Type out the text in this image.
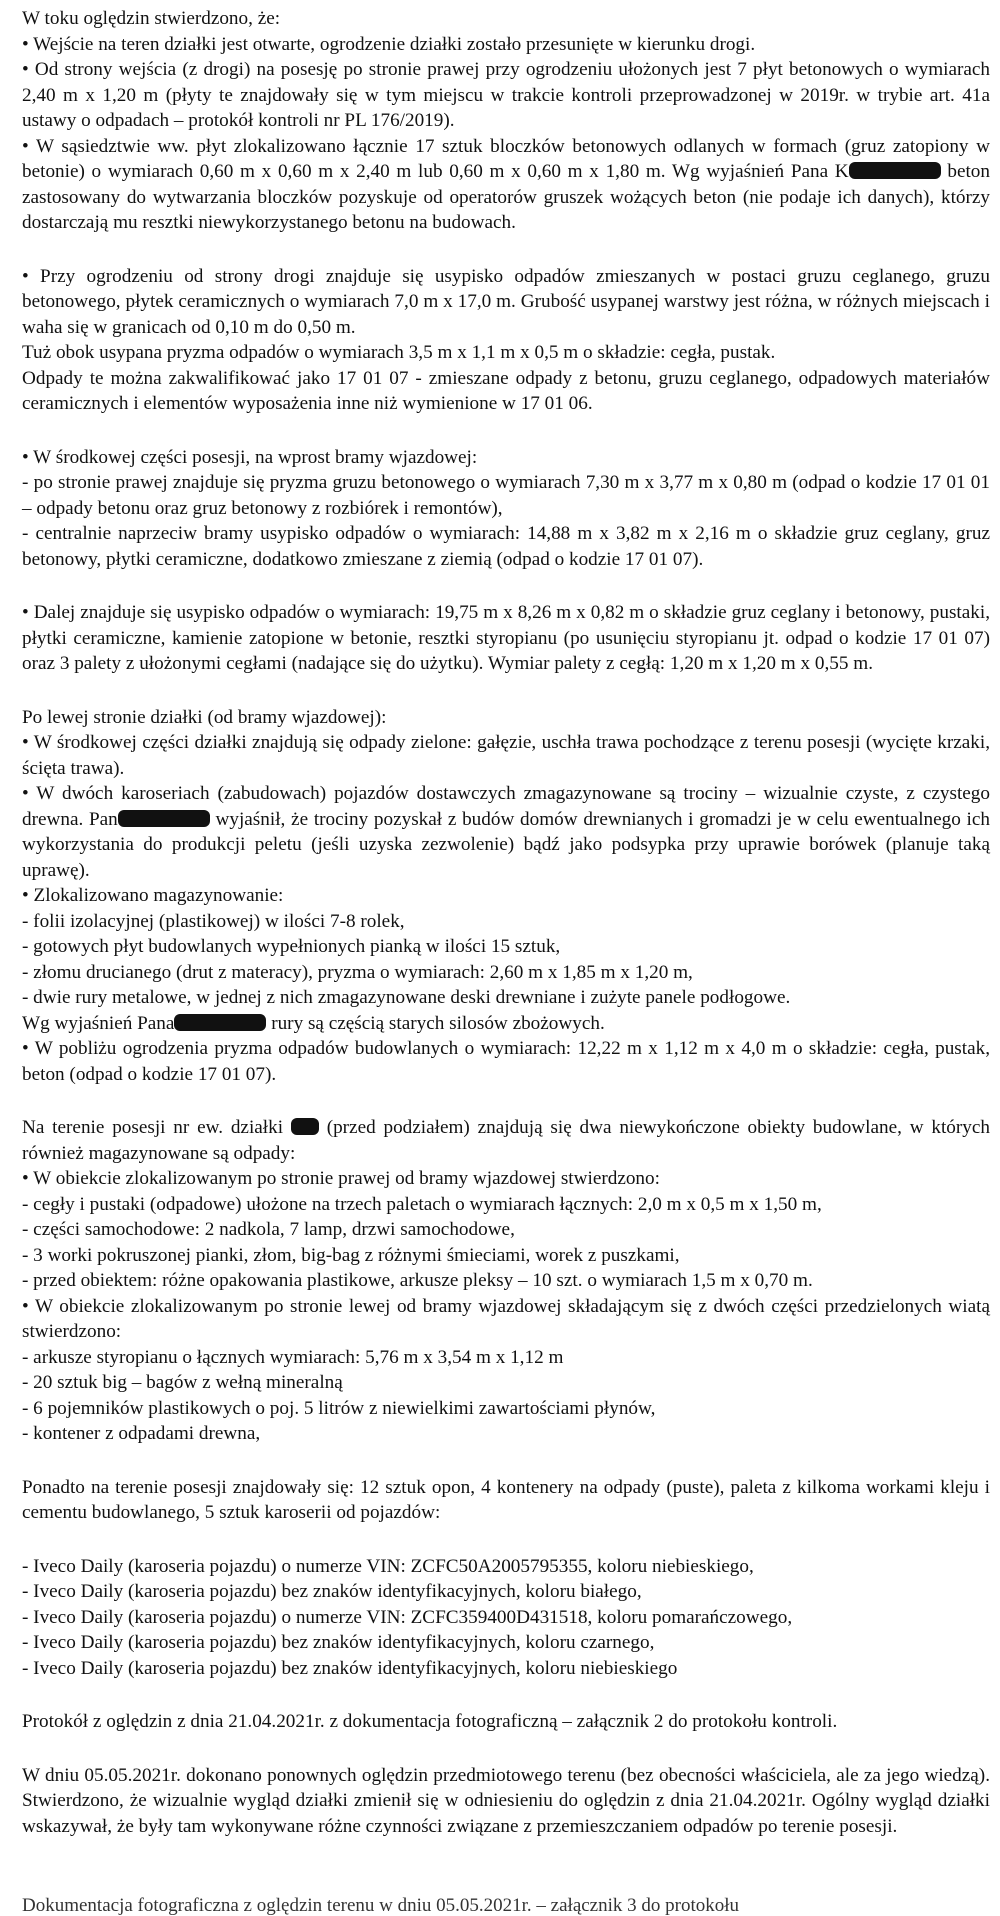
W toku oględzin stwierdzono, że:

• Wejście na teren działki jest otwarte, ogrodzenie działki zostało przesunięte w kierunku drogi.

• Od strony wejścia (z drogi) na posesję po stronie prawej przy ogrodzeniu ułożonych jest 7 płyt betonowych o wymiarach 2,40 m x 1,20 m (płyty te znajdowały się w tym miejscu w trakcie kontroli przeprowadzonej w 2019r. w trybie art. 41a ustawy o odpadach – protokół kontroli nr PL 176/2019).

• W sąsiedztwie ww. płyt zlokalizowano łącznie 17 sztuk bloczków betonowych odlanych w formach (gruz zatopiony w betonie) o wymiarach 0,60 m x 0,60 m x 2,40 m lub 0,60 m x 0,60 m x 1,80 m. Wg wyjaśnień Pana K	beton zastosowany do wytwarzania bloczków pozyskuje od operatorów gruszek wożących beton (nie podaje ich danych), którzy dostarczają mu resztki niewykorzystanego betonu na budowach.

• Przy ogrodzeniu od strony drogi znajduje się usypisko odpadów zmieszanych w postaci gruzu ceglanego, gruzu betonowego, płytek ceramicznych o wymiarach 7,0 m x 17,0 m. Grubość usypanej warstwy jest różna, w różnych miejscach i waha się w granicach od 0,10 m do 0,50 m.

Tuż obok usypana pryzma odpadów o wymiarach 3,5 m x 1,1 m x 0,5 m o składzie: cegła, pustak.

Odpady te można zakwalifikować jako 17 01 07 - zmieszane odpady z betonu, gruzu ceglanego, odpadowych materiałów ceramicznych i elementów wyposażenia inne niż wymienione w 17 01 06.

• W środkowej części posesji, na wprost bramy wjazdowej:

- po stronie prawej znajduje się pryzma gruzu betonowego o wymiarach 7,30 m x 3,77 m x 0,80 m (odpad o kodzie 17 01 01 – odpady betonu oraz gruz betonowy z rozbiórek i remontów),

- centralnie naprzeciw bramy usypisko odpadów o wymiarach: 14,88 m x 3,82 m x 2,16 m o składzie gruz ceglany, gruz betonowy, płytki ceramiczne, dodatkowo zmieszane z ziemią (odpad o kodzie 17 01 07).

• Dalej znajduje się usypisko odpadów o wymiarach: 19,75 m x 8,26 m x 0,82 m o składzie gruz ceglany i betonowy, pustaki, płytki ceramiczne, kamienie zatopione w betonie, resztki styropianu (po usunięciu styropianu jt. odpad o kodzie 17 01 07) oraz 3 palety z ułożonymi cegłami (nadające się do użytku). Wymiar palety z cegłą: 1,20 m x 1,20 m x 0,55 m.

Po lewej stronie działki (od bramy wjazdowej):

• W środkowej części działki znajdują się odpady zielone: gałęzie, uschła trawa pochodzące z terenu posesji (wycięte krzaki, ścięta trawa).

• W dwóch karoseriach (zabudowach) pojazdów dostawczych zmagazynowane są trociny – wizualnie czyste, z czystego drewna. Pan	wyjaśnił, że trociny pozyskał z budów domów drewnianych i gromadzi je w celu ewentualnego ich wykorzystania do produkcji peletu (jeśli uzyska zezwolenie) bądź jako podsypka przy uprawie borówek (planuje taką uprawę).

• Zlokalizowano magazynowanie:

- folii izolacyjnej (plastikowej) w ilości 7-8 rolek,

- gotowych płyt budowlanych wypełnionych pianką w ilości 15 sztuk,

- złomu drucianego (drut z materacy), pryzma o wymiarach: 2,60 m x 1,85 m x 1,20 m,

- dwie rury metalowe, w jednej z nich zmagazynowane deski drewniane i zużyte panele podłogowe.

Wg wyjaśnień Pana	rury są częścią starych silosów zbożowych.

• W pobliżu ogrodzenia pryzma odpadów budowlanych o wymiarach: 12,22 m x 1,12 m x 4,0 m o składzie: cegła, pustak, beton (odpad o kodzie 17 01 07).

Na terenie posesji nr ew. działki  (przed podziałem) znajdują się dwa niewykończone obiekty budowlane, w których również magazynowane są odpady:

• W obiekcie zlokalizowanym po stronie prawej od bramy wjazdowej stwierdzono:

- cegły i pustaki (odpadowe) ułożone na trzech paletach o wymiarach łącznych: 2,0 m x 0,5 m x 1,50 m,

- części samochodowe: 2 nadkola, 7 lamp, drzwi samochodowe,

- 3 worki pokruszonej pianki, złom, big-bag z różnymi śmieciami, worek z puszkami,

- przed obiektem: różne opakowania plastikowe, arkusze pleksy – 10 szt. o wymiarach 1,5 m x 0,70 m.

• W obiekcie zlokalizowanym po stronie lewej od bramy wjazdowej składającym się z dwóch części przedzielonych wiatą stwierdzono:

- arkusze styropianu o łącznych wymiarach: 5,76 m x 3,54 m x 1,12 m

- 20 sztuk big – bagów z wełną mineralną

- 6 pojemników plastikowych o poj. 5 litrów z niewielkimi zawartościami płynów,

- kontener z odpadami drewna,

Ponadto na terenie posesji znajdowały się: 12 sztuk opon, 4 kontenery na odpady (puste), paleta z kilkoma workami kleju i cementu budowlanego, 5 sztuk karoserii od pojazdów:

- Iveco Daily (karoseria pojazdu) o numerze VIN: ZCFC50A2005795355, koloru niebieskiego,

- Iveco Daily (karoseria pojazdu) bez znaków identyfikacyjnych, koloru białego,

- Iveco Daily (karoseria pojazdu) o numerze VIN: ZCFC359400D431518, koloru pomarańczowego,

- Iveco Daily (karoseria pojazdu) bez znaków identyfikacyjnych, koloru czarnego,

- Iveco Daily (karoseria pojazdu) bez znaków identyfikacyjnych, koloru niebieskiego

Protokół z oględzin z dnia 21.04.2021r. z dokumentacja fotograficzną – załącznik 2 do protokołu kontroli.

W dniu 05.05.2021r. dokonano ponownych oględzin przedmiotowego terenu (bez obecności właściciela, ale za jego wiedzą). Stwierdzono, że wizualnie wygląd działki zmienił się w odniesieniu do oględzin z dnia 21.04.2021r. Ogólny wygląd działki wskazywał, że były tam wykonywane różne czynności związane z przemieszczaniem odpadów po terenie posesji.

Dokumentacja fotograficzna z oględzin terenu w dniu 05.05.2021r. – załącznik 3 do protokołu
